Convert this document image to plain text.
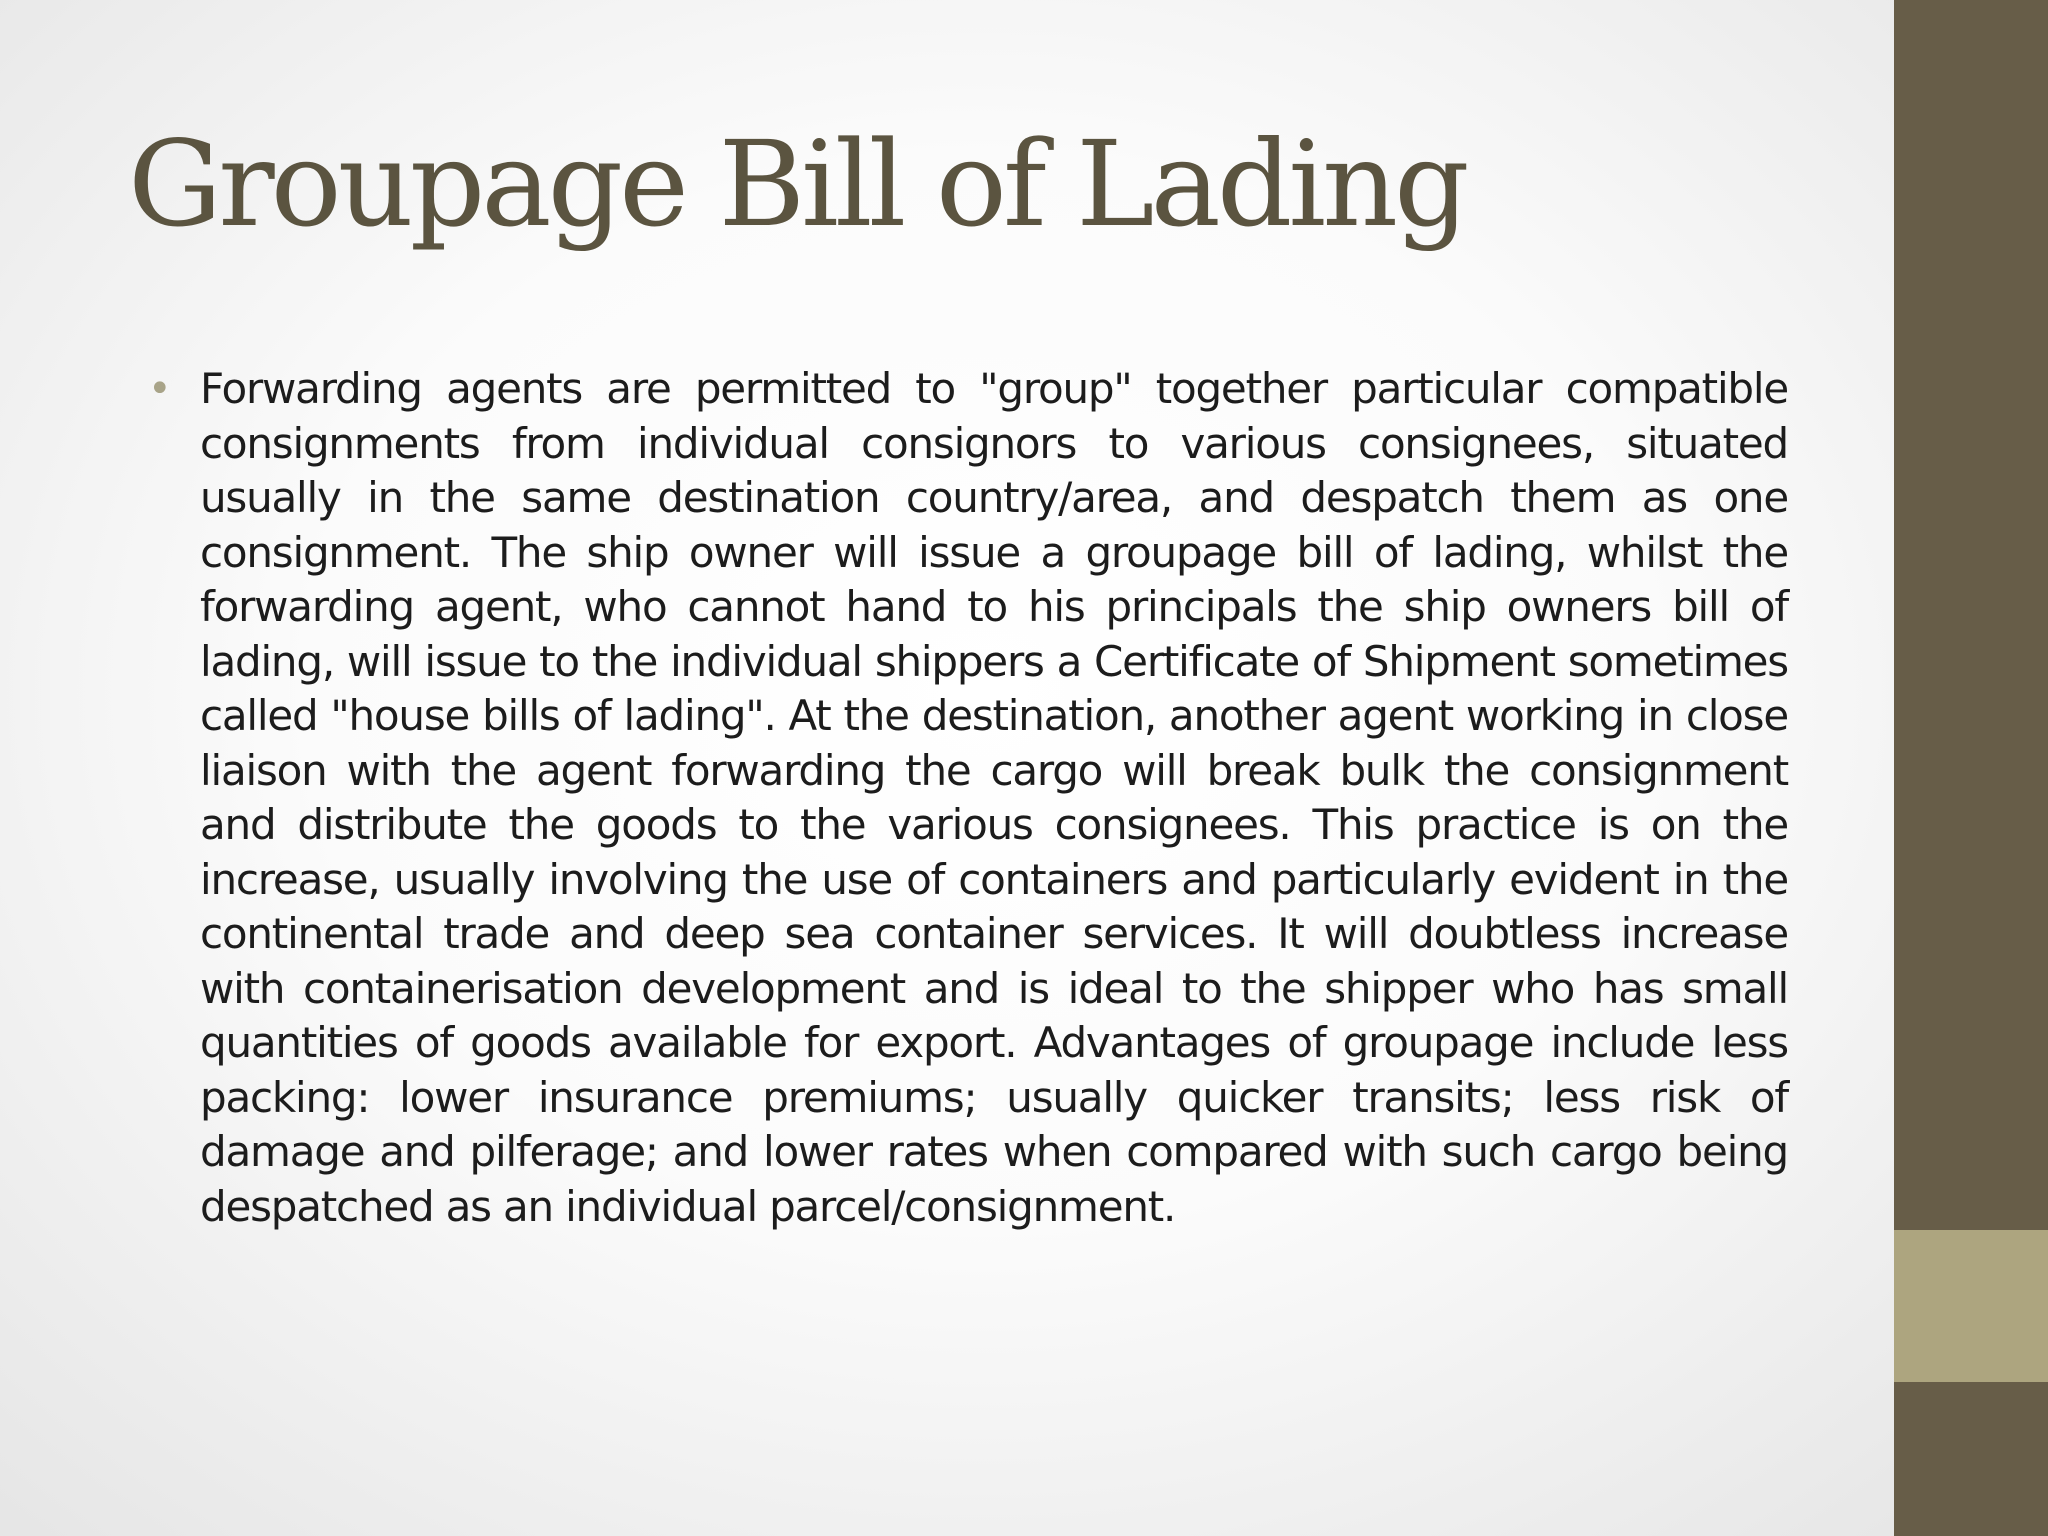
Groupage Bill of Lading
• Forwarding agents are permitted to "group" together particular compatible consignments from individual consignors to various consignees, situated usually in the same destination country/area, and despatch them as one consignment. The ship owner will issue a groupage bill of lading, whilst the forwarding agent, who cannot hand to his principals the ship owners bill of lading, will issue to the individual shippers a Certificate of Shipment sometimes called "house bills of lading". At the destination, another agent working in close liaison with the agent forwarding the cargo will break bulk the consignment and distribute the goods to the various consignees. This practice is on the increase, usually involving the use of containers and particularly evident in the continental trade and deep sea container services. It will doubtless increase with containerisation development and is ideal to the shipper who has small quantities of goods available for export. Advantages of groupage include less packing: lower insurance premiums; usually quicker transits; less risk of damage and pilferage; and lower rates when compared with such cargo being despatched as an individual parcel/consignment.
